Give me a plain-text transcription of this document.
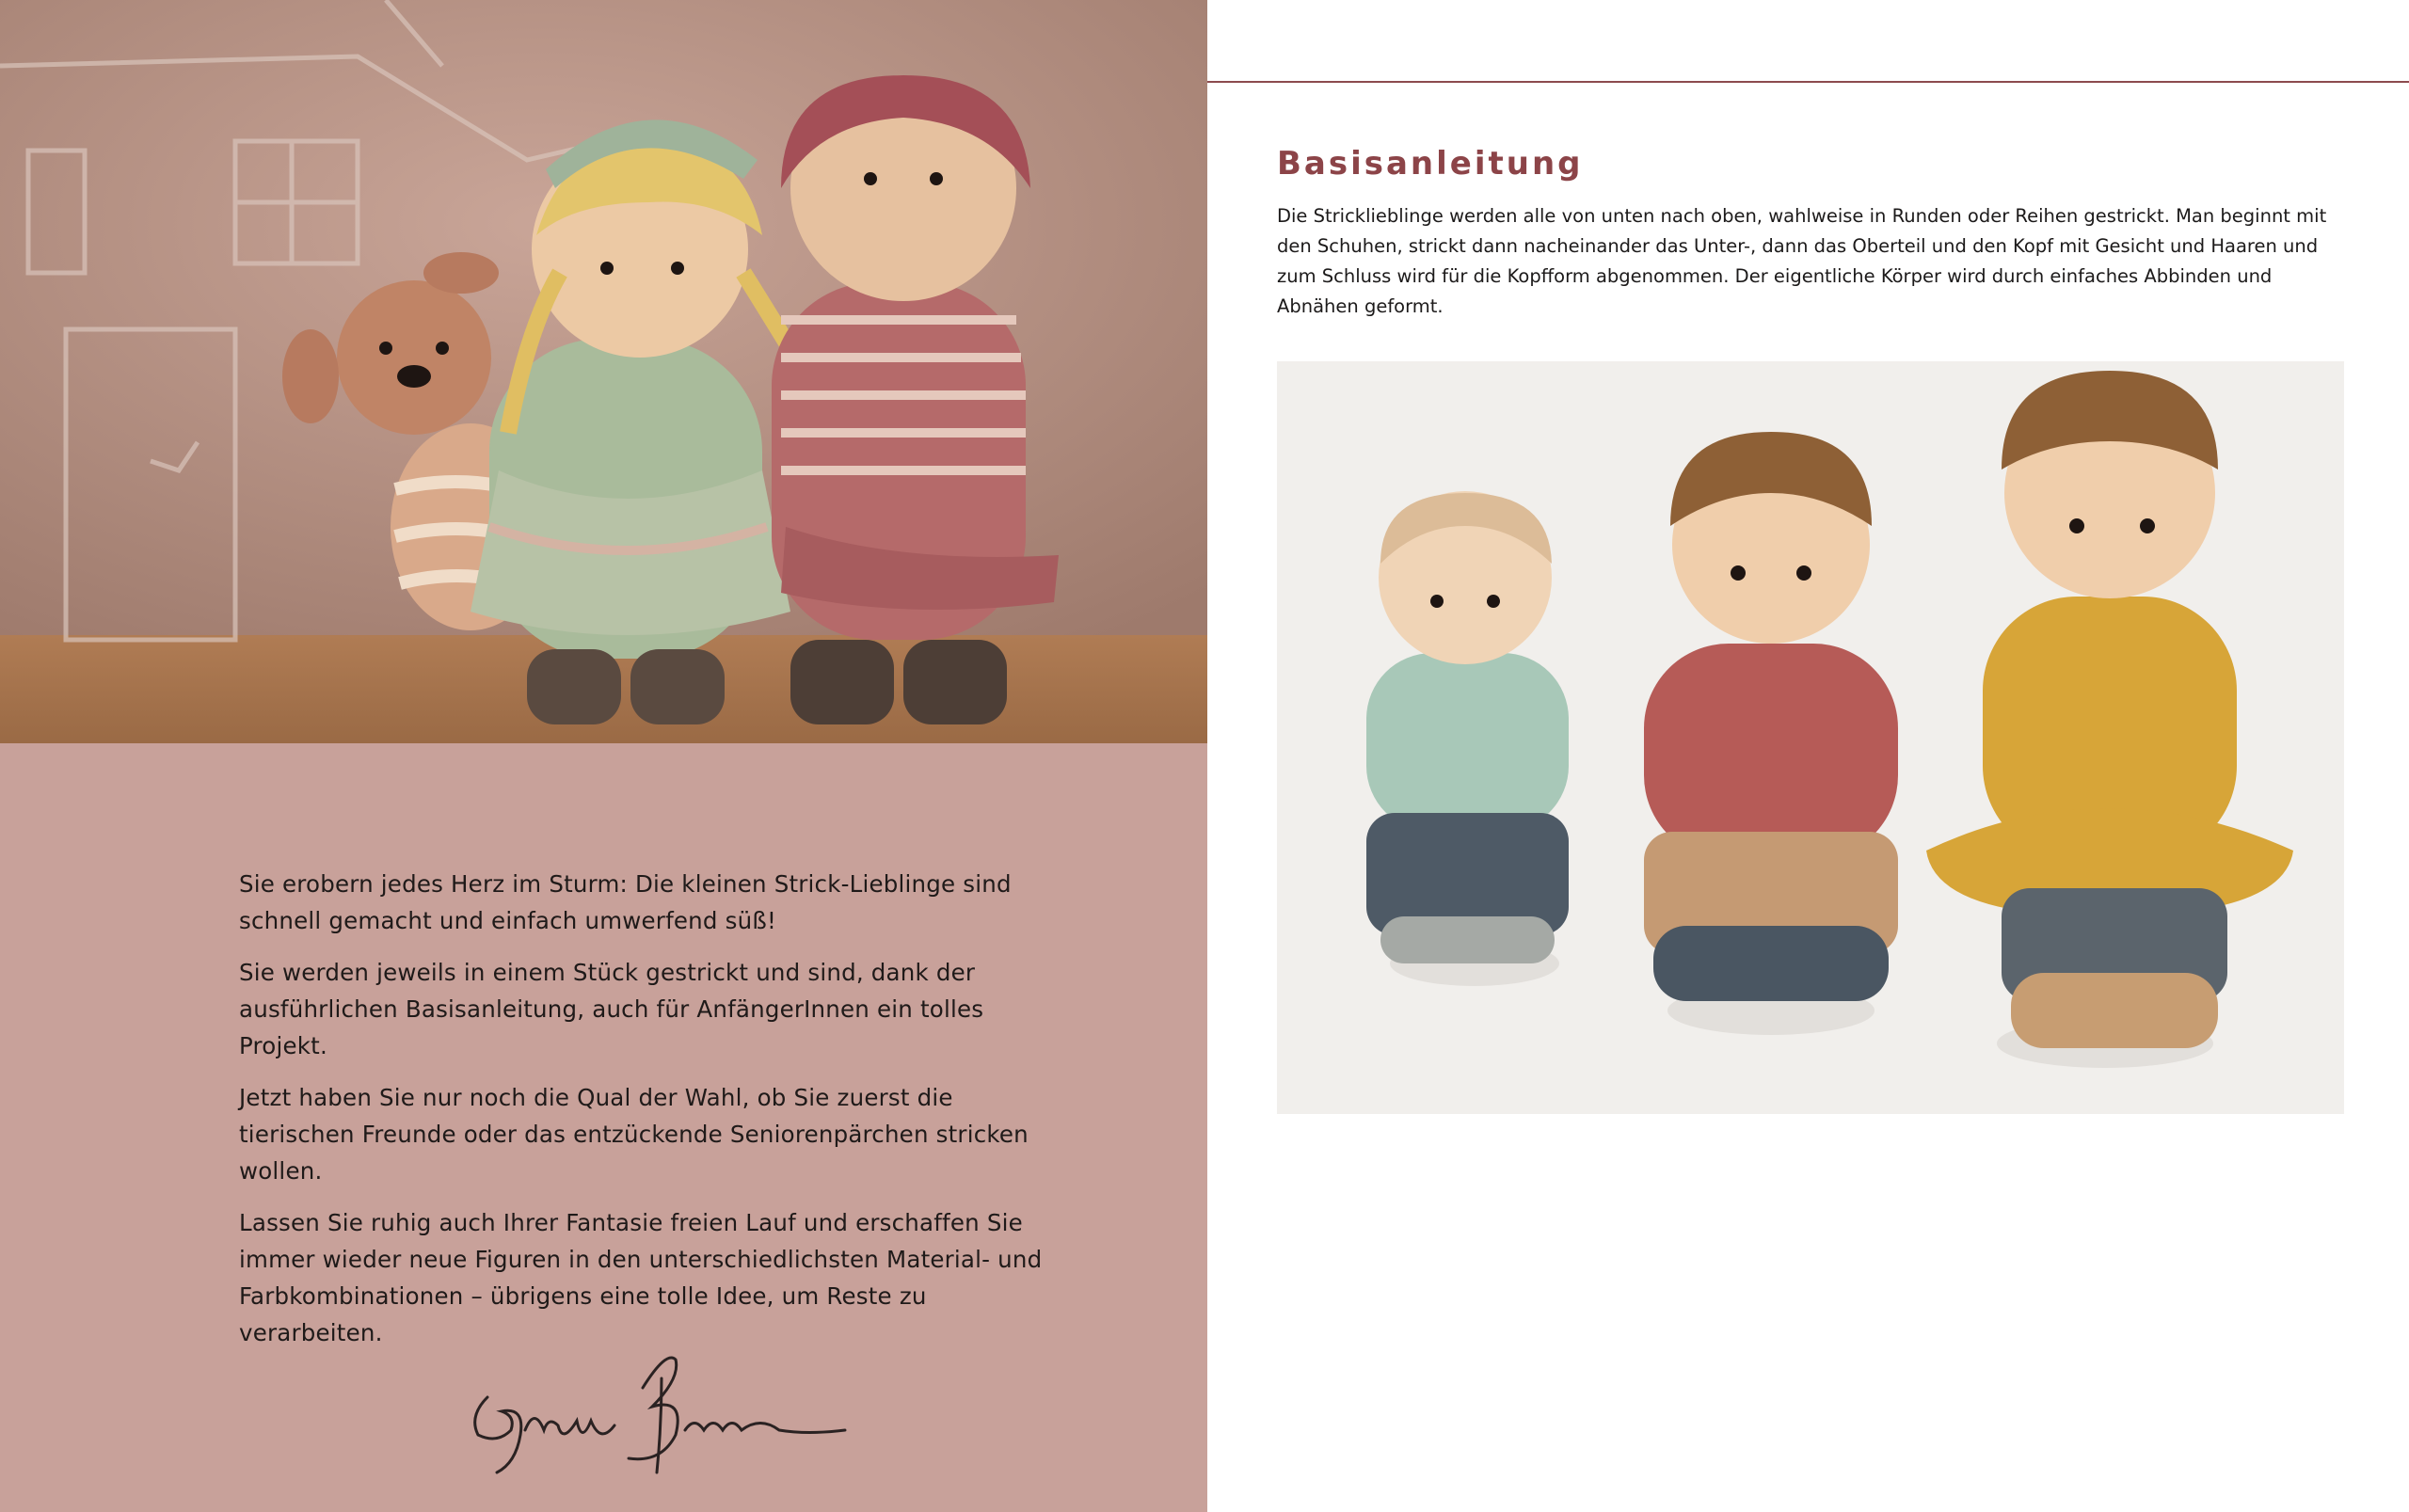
Sie erobern jedes Herz im Sturm: Die kleinen Strick-Lieblinge sind schnell gemacht und einfach umwerfend süß!

Sie werden jeweils in einem Stück gestrickt und sind, dank der ausführlichen Basisanleitung, auch für AnfängerInnen ein tolles Projekt.

Jetzt haben Sie nur noch die Qual der Wahl, ob Sie zuerst die tierischen Freunde oder das entzückende Seniorenpärchen stricken wollen.

Lassen Sie ruhig auch Ihrer Fantasie freien Lauf und erschaffen Sie immer wieder neue Figuren in den unterschiedlichsten Material- und Farbkombinationen – übrigens eine tolle Idee, um Reste zu verarbeiten.

Basisanleitung

Die Stricklieblinge werden alle von unten nach oben, wahlweise in Runden oder Reihen gestrickt. Man beginnt mit den Schuhen, strickt dann nacheinander das Unter-, dann das Oberteil und den Kopf mit Gesicht und Haaren und zum Schluss wird für die Kopfform abgenommen. Der eigentliche Körper wird durch einfaches Abbinden und Abnähen geformt.
